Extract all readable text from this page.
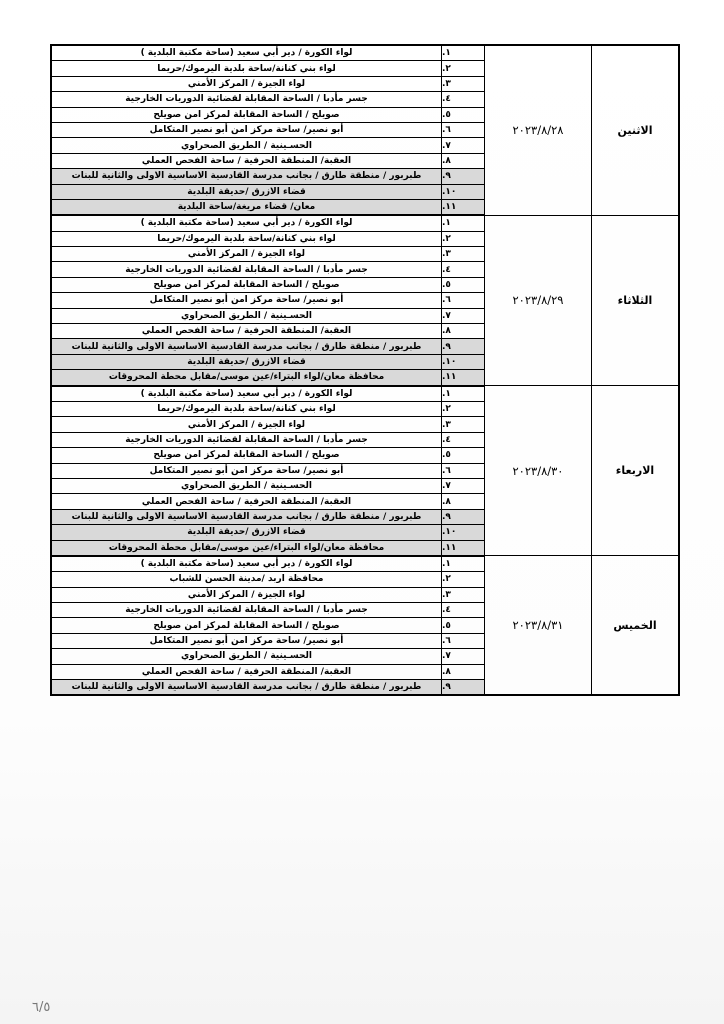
الاثنين	٢٠٢٣/٨/٢٨	١.	لواء الكورة / دير أبي سعيد (ساحة مكتبة البلدية )
		٢.	لواء بني كنانة/ساحة بلدية اليرموك/حريما
		٣.	لواء الجيزة / المركز الأمني
		٤.	جسر مأدبا / الساحة المقابلة لقضائية الدوريات الخارجية
		٥.	صويلح / الساحة المقابلة لمركز امن صويلح
		٦.	أبو نصير/ ساحة مركز امن أبو نصير المتكامل
		٧.	الحسـينية / الطريق الصحراوي
		٨.	العقبة/ المنطقة الحرفية / ساحة الفحص العملي
		٩.	طبربور / منطقة طارق / بجانب مدرسة القادسية الاساسية الاولى والثانية للبنات
		١٠.	قضاء الازرق /حديقة البلدية
		١١.	معان/ قضاء مريغة/ساحة البلدية
الثلاثاء	٢٠٢٣/٨/٢٩	١.	لواء الكورة / دير أبي سعيد (ساحة مكتبة البلدية )
		٢.	لواء بني كنانة/ساحة بلدية اليرموك/حريما
		٣.	لواء الجيزة / المركز الأمني
		٤.	جسر مأدبا / الساحة المقابلة لقضائية الدوريات الخارجية
		٥.	صويلح / الساحة المقابلة لمركز امن صويلح
		٦.	أبو نصير/ ساحة مركز امن أبو نصير المتكامل
		٧.	الحسـينية / الطريق الصحراوي
		٨.	العقبة/ المنطقة الحرفية / ساحة الفحص العملي
		٩.	طبربور / منطقة طارق / بجانب مدرسة القادسية الاساسية الاولى والثانية للبنات
		١٠.	قضاء الازرق /حديقة البلدية
		١١.	محافظة معان/لواء البتراء/عين موسى/مقابل محطة المحروقات
الاربعاء	٢٠٢٣/٨/٣٠	١.	لواء الكورة / دير أبي سعيد (ساحة مكتبة البلدية )
		٢.	لواء بني كنانة/ساحة بلدية اليرموك/حريما
		٣.	لواء الجيزة / المركز الأمني
		٤.	جسر مأدبا / الساحة المقابلة لقضائية الدوريات الخارجية
		٥.	صويلح / الساحة المقابلة لمركز امن صويلح
		٦.	أبو نصير/ ساحة مركز امن أبو نصير المتكامل
		٧.	الحسـينية / الطريق الصحراوي
		٨.	العقبة/ المنطقة الحرفية / ساحة الفحص العملي
		٩.	طبربور / منطقة طارق / بجانب مدرسة القادسية الاساسية الاولى والثانية للبنات
		١٠.	قضاء الازرق /حديقة البلدية
		١١.	محافظة معان/لواء البتراء/عين موسى/مقابل محطة المحروقات
الخميس	٢٠٢٣/٨/٣١	١.	لواء الكورة / دير أبي سعيد (ساحة مكتبة البلدية )
		٢.	محافظة اربد /مدينة الحسن للشباب
		٣.	لواء الجيزة / المركز الأمني
		٤.	جسر مأدبا / الساحة المقابلة لقضائية الدوريات الخارجية
		٥.	صويلح / الساحة المقابلة لمركز امن صويلح
		٦.	أبو نصير/ ساحة مركز امن أبو نصير المتكامل
		٧.	الحسـينية / الطريق الصحراوي
		٨.	العقبة/ المنطقة الحرفية / ساحة الفحص العملي
		٩.	طبربور / منطقة طارق / بجانب مدرسة القادسية الاساسية الاولى والثانية للبنات
٦/٥
